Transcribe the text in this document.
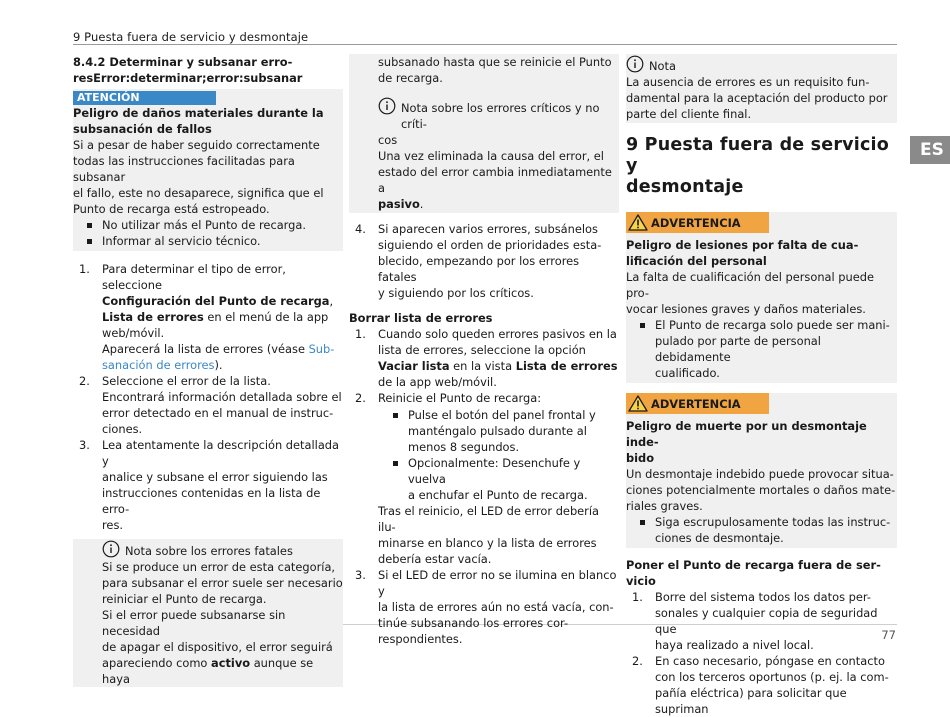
9 Puesta fuera de servicio y desmontaje
ES
77
8.4.2 Determinar y subsanar erro-
resError:determinar;error:subsanar
ATENCIÓN
Peligro de daños materiales durante la
subsanación de fallos
Si a pesar de haber seguido correctamente
todas las instrucciones facilitadas para subsanar
el fallo, este no desaparece, significa que el
Punto de recarga está estropeado.
No utilizar más el Punto de recarga.
Informar al servicio técnico.
1. Para determinar el tipo de error, seleccione
Configuración del Punto de recarga,
Lista de errores en el menú de la app
web/móvil.
Aparecerá la lista de errores (véase Sub-
sanación de errores).
2. Seleccione el error de la lista.
Encontrará información detallada sobre el
error detectado en el manual de instruc-
ciones.
3. Lea atentamente la descripción detallada y
analice y subsane el error siguiendo las
instrucciones contenidas en la lista de erro-
res.
Nota sobre los errores fatales
Si se produce un error de esta categoría,
para subsanar el error suele ser necesario
reiniciar el Punto de recarga.
Si el error puede subsanarse sin necesidad
de apagar el dispositivo, el error seguirá
apareciendo como activo aunque se haya
subsanado hasta que se reinicie el Punto
de recarga.
Nota sobre los errores críticos y no críti-
cos
Una vez eliminada la causa del error, el
estado del error cambia inmediatamente a
pasivo.
4. Si aparecen varios errores, subsánelos
siguiendo el orden de prioridades esta-
blecido, empezando por los errores fatales
y siguiendo por los críticos.
Borrar lista de errores
1. Cuando solo queden errores pasivos en la
lista de errores, seleccione la opción
Vaciar lista en la vista Lista de errores
de la app web/móvil.
2. Reinicie el Punto de recarga:
Pulse el botón del panel frontal y
manténgalo pulsado durante al
menos 8 segundos.
Opcionalmente: Desenchufe y vuelva
a enchufar el Punto de recarga.
Tras el reinicio, el LED de error debería ilu-
minarse en blanco y la lista de errores
debería estar vacía.
3. Si el LED de error no se ilumina en blanco y
la lista de errores aún no está vacía, con-
tinúe subsanando los errores cor-
respondientes.
Nota
La ausencia de errores es un requisito fun-
damental para la aceptación del producto por
parte del cliente final.
9 Puesta fuera de servicio y
desmontaje
ADVERTENCIA
Peligro de lesiones por falta de cua-
lificación del personal
La falta de cualificación del personal puede pro-
vocar lesiones graves y daños materiales.
El Punto de recarga solo puede ser mani-
pulado por parte de personal debidamente
cualificado.
ADVERTENCIA
Peligro de muerte por un desmontaje inde-
bido
Un desmontaje indebido puede provocar situa-
ciones potencialmente mortales o daños mate-
riales graves.
Siga escrupulosamente todas las instruc-
ciones de desmontaje.
Poner el Punto de recarga fuera de ser-
vicio
1. Borre del sistema todos los datos per-
sonales y cualquier copia de seguridad que
haya realizado a nivel local.
2. En caso necesario, póngase en contacto
con los terceros oportunos (p. ej. la com-
pañía eléctrica) para solicitar que supriman
